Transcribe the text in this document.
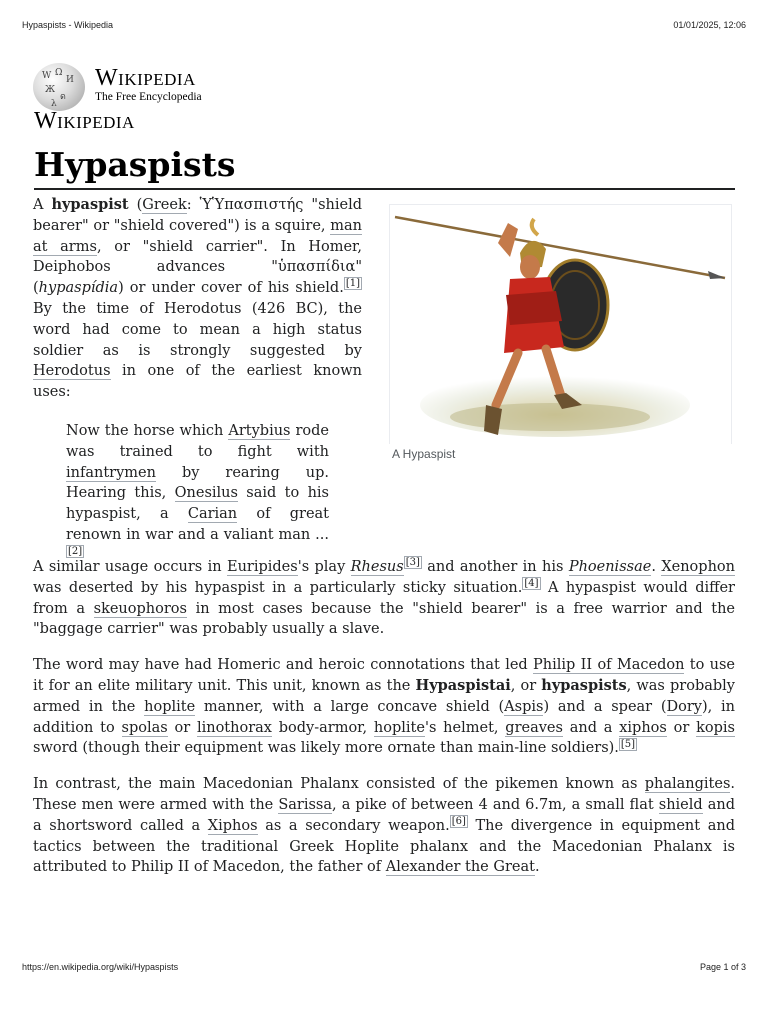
Hypaspists - Wikipedia	01/01/2025, 12:06
W Ω
И
Ж
ด
λ
Wikipedia
The Free Encyclopedia
Wikipedia
Hypaspists

A hypaspist (Greek: ὙὙπασπιστής "shield bearer" or "shield covered") is a squire, man at arms, or "shield carrier". In Homer, Deiphobos advances "ὑπασπίδια" (hypaspídia) or under cover of his shield. [1] By the time of Herodotus (426 BC), the word had come to mean a high status soldier as is strongly suggested by Herodotus in one of the earliest known uses:

Now the horse which Artybius rode was trained to fight with infantrymen by rearing up. Hearing this, Onesilus said to his hypaspist, a Carian of great renown in war and a valiant man ...[2]
A Hypaspist

A similar usage occurs in Euripides's play Rhesus [3] and another in his Phoenissae. Xenophon was deserted by his hypaspist in a particularly sticky situation. [4] A hypaspist would differ from a skeuophoros in most cases because the "shield bearer" is a free warrior and the "baggage carrier" was probably usually a slave.

The word may have had Homeric and heroic connotations that led Philip II of Macedon to use it for an elite military unit. This unit, known as the Hypaspistai, or hypaspists, was probably armed in the hoplite manner, with a large concave shield (Aspis) and a spear (Dory), in addition to spolas or linothorax body-armor, hoplite's helmet, greaves and a xiphos or kopis sword (though their equipment was likely more ornate than main-line soldiers). [5]

In contrast, the main Macedonian Phalanx consisted of the pikemen known as phalangites. These men were armed with the Sarissa, a pike of between 4 and 6.7m, a small flat shield and a shortsword called a Xiphos as a secondary weapon. [6] The divergence in equipment and tactics between the traditional Greek Hoplite phalanx and the Macedonian Phalanx is attributed to Philip II of Macedon, the father of Alexander the Great.

https://en.wikipedia.org/wiki/Hypaspists	Page 1 of 3
